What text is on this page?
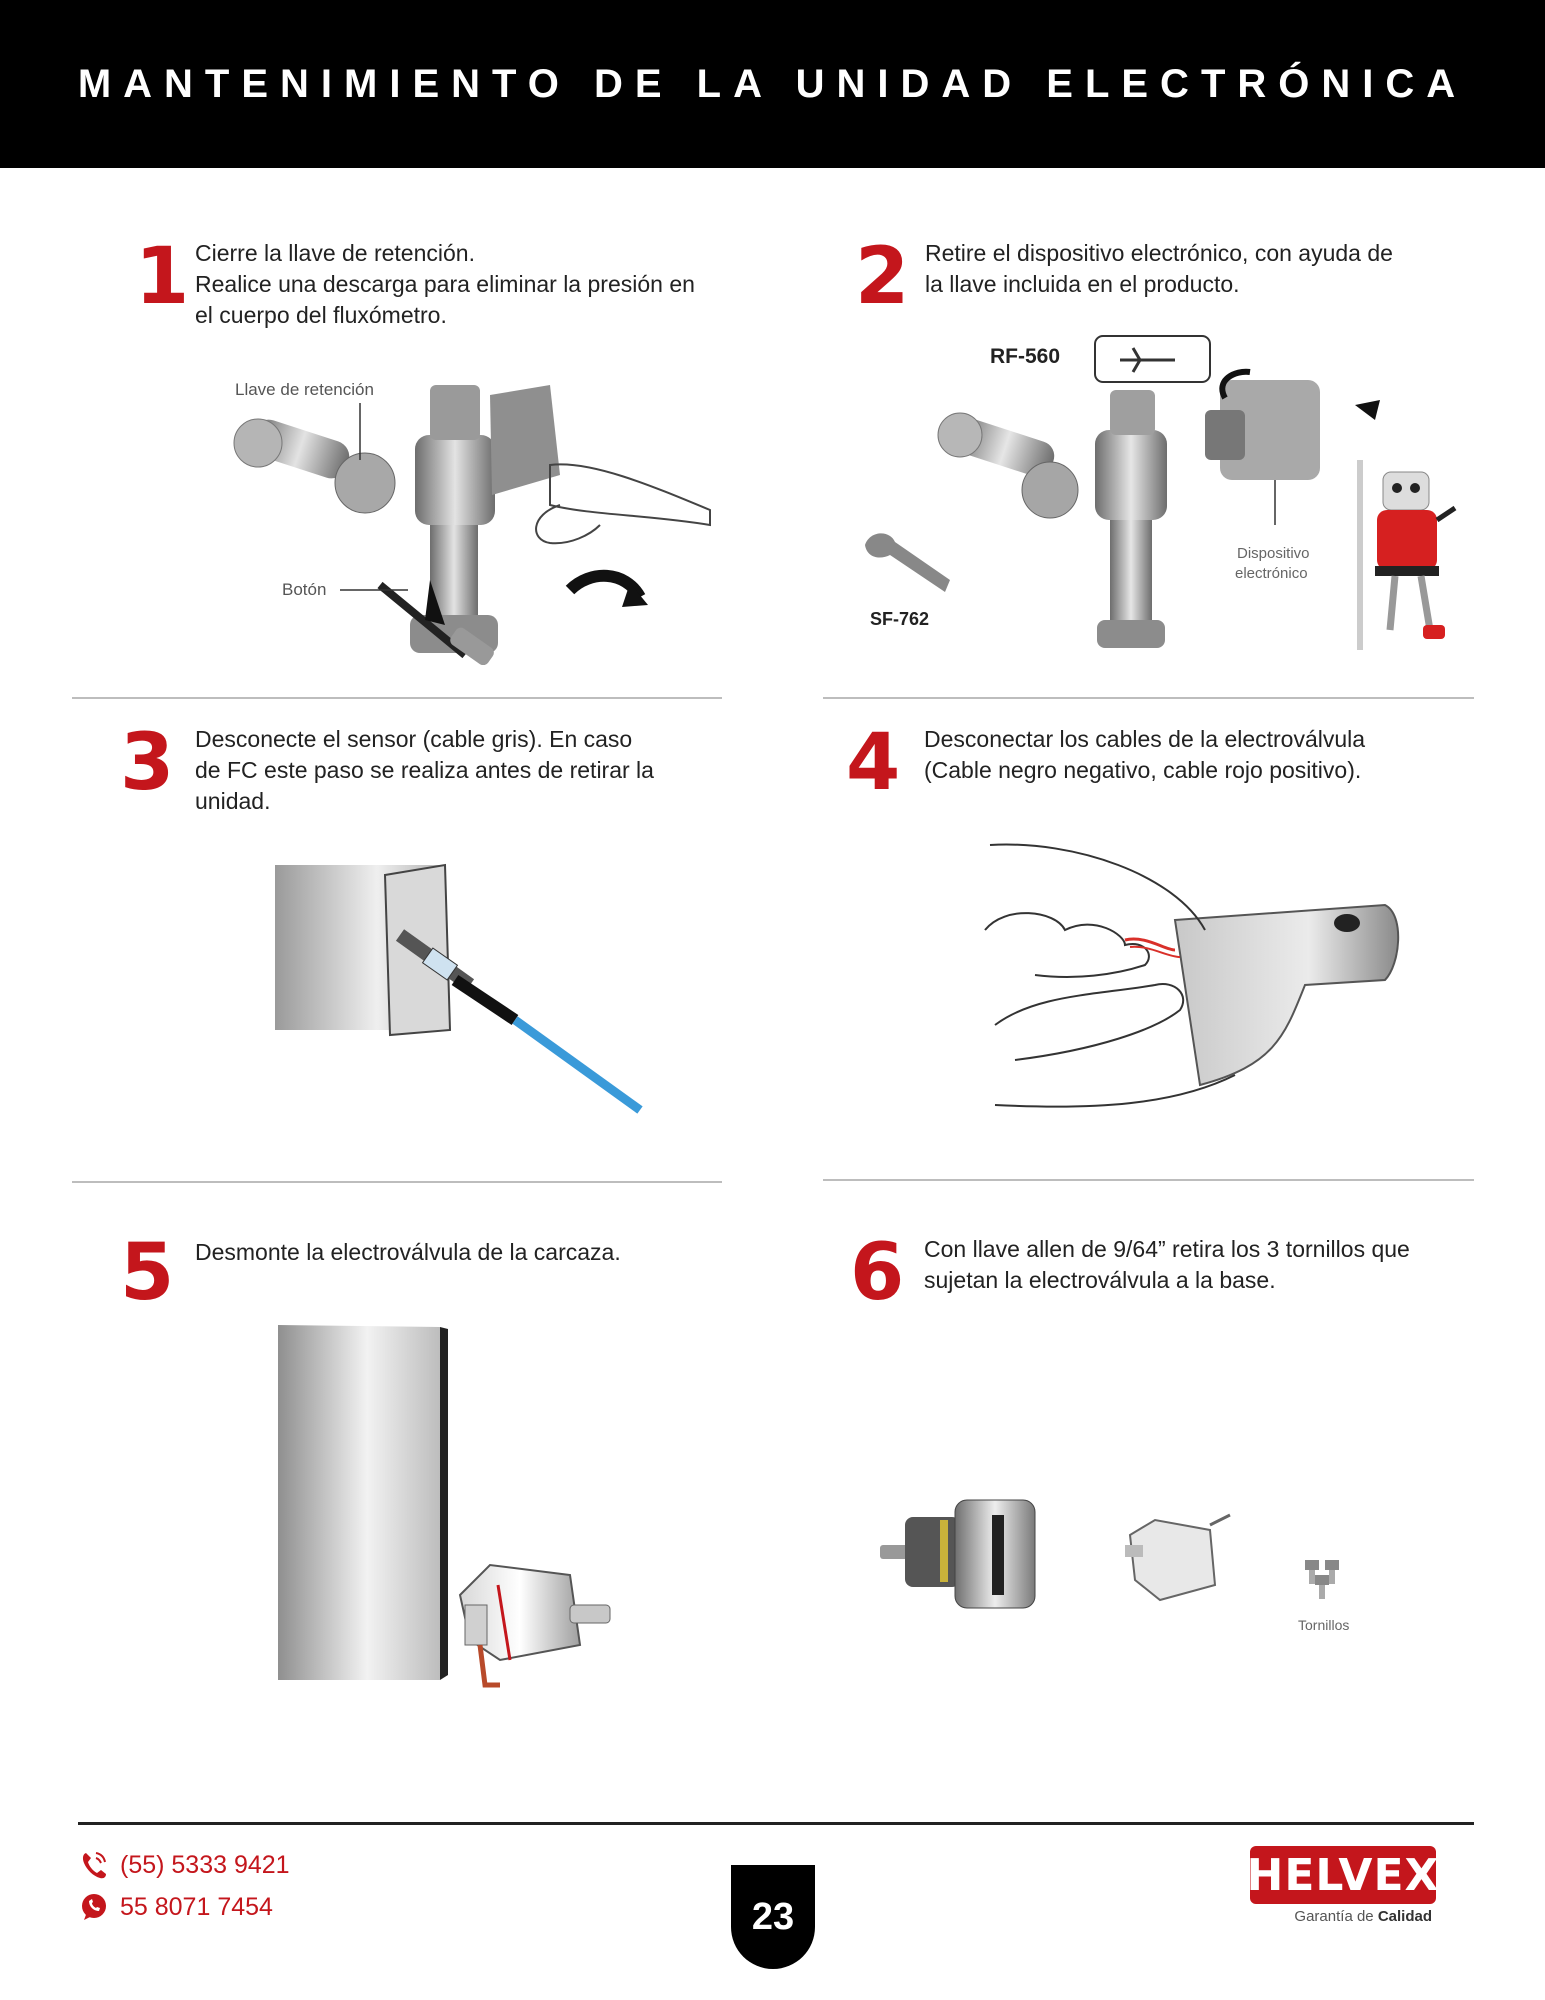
MANTENIMIENTO DE LA UNIDAD ELECTRÓNICA
1 Cierre la llave de retención.
Realice una descarga para eliminar la presión en
el cuerpo del fluxómetro.
Llave de retención
Botón
2 Retire el dispositivo electrónico, con ayuda de
la llave incluida en el producto.
RF-560
Dispositivo
electrónico
SF-762
3 Desconecte el sensor (cable gris). En caso
de FC este paso se realiza antes de retirar la
unidad.	4 Desconectar los cables de la electroválvula
(Cable negro negativo, cable rojo positivo).
5 Desmonte la electroválvula de la carcaza.	6 Con llave allen de 9/64” retira los 3 tornillos que
sujetan la electroválvula a la base.
Tornillos
(55) 5333 9421
55 8071 7454	23
HELVEX
Garantía de Calidad
